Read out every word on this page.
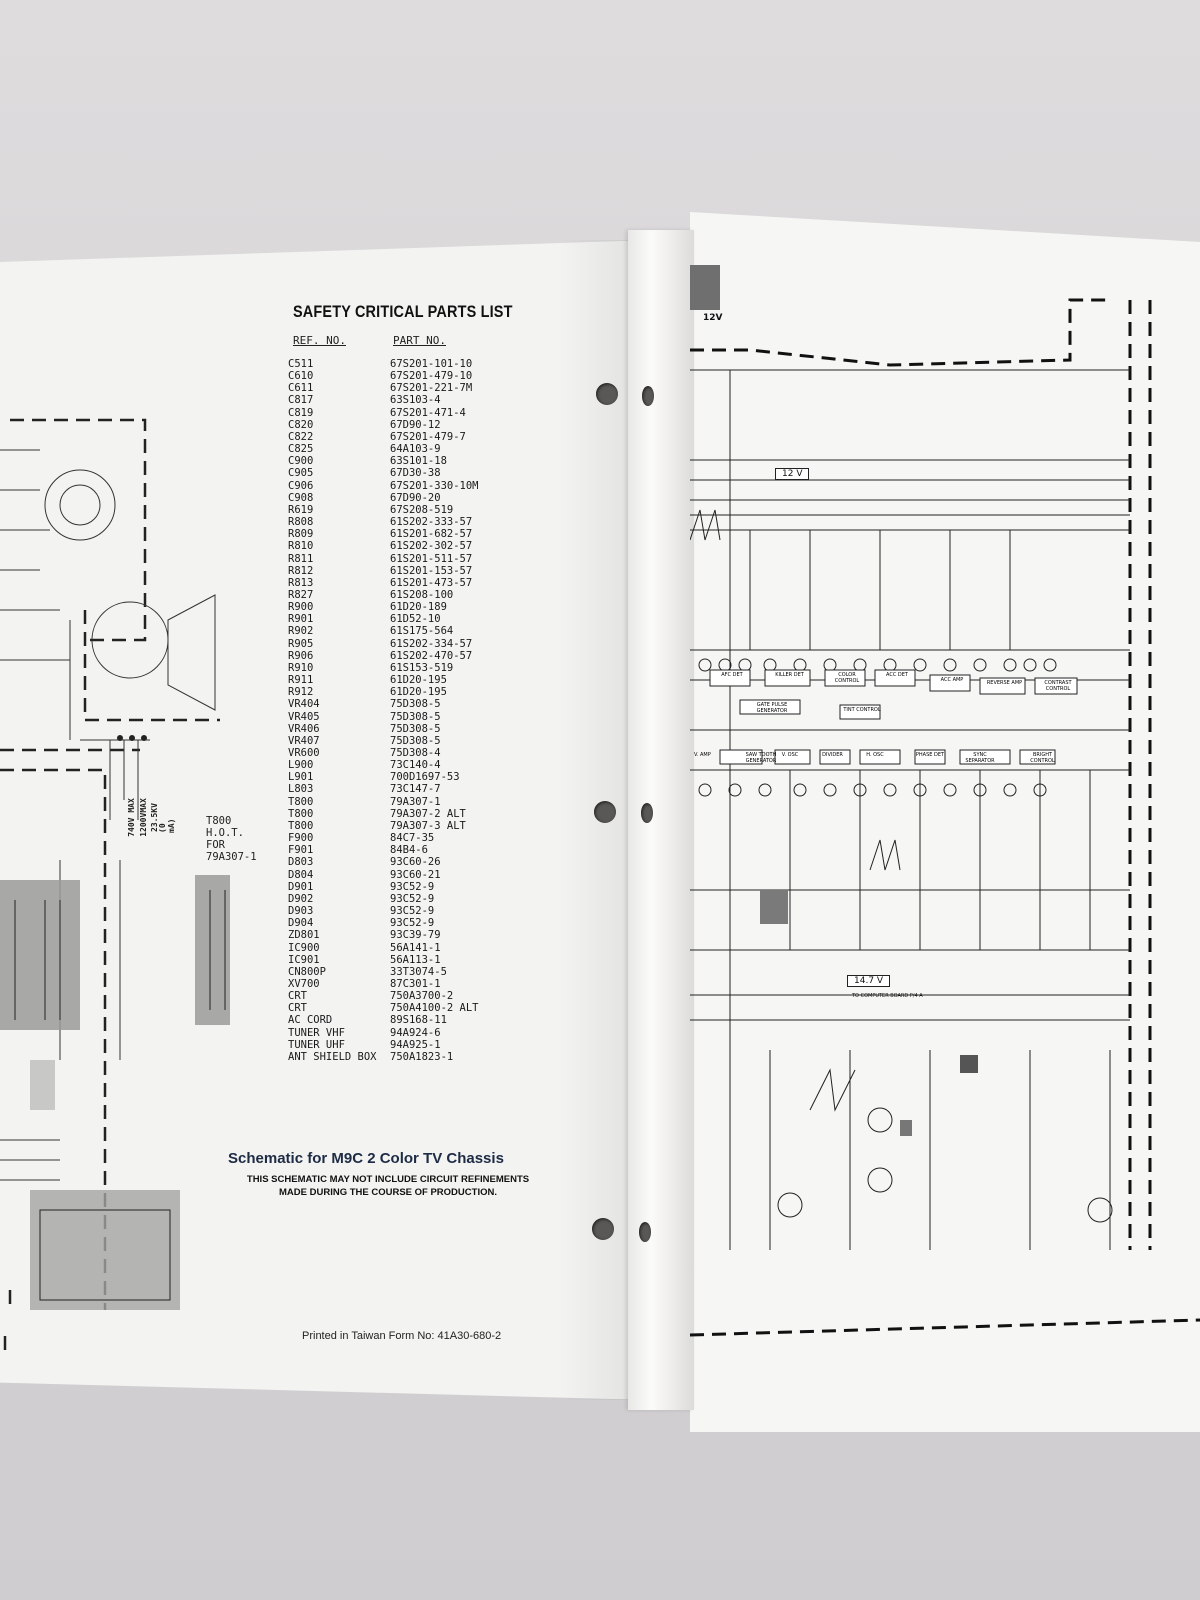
740V MAX 1200VMAX 23.5KV (0 mA)
SAFETY CRITICAL PARTS LIST
REF. NO.	PART NO.
C511	67S201-101-10
C610	67S201-479-10
C611	67S201-221-7M
C817	63S103-4
C819	67S201-471-4
C820	67D90-12
C822	67S201-479-7
C825	64A103-9
C900	63S101-18
C905	67D30-38
C906	67S201-330-10M
C908	67D90-20
R619	67S208-519
R808	61S202-333-57
R809	61S201-682-57
R810	61S202-302-57
R811	61S201-511-57
R812	61S201-153-57
R813	61S201-473-57
R827	61S208-100
R900	61D20-189
R901	61D52-10
R902	61S175-564
R905	61S202-334-57
R906	61S202-470-57
R910	61S153-519
R911	61D20-195
R912	61D20-195
VR404	75D308-5
VR405	75D308-5
VR406	75D308-5
VR407	75D308-5
VR600	75D308-4
L900	73C140-4
L901	700D1697-53
L803	73C147-7
T800	79A307-1
T800	79A307-2 ALT
T800	79A307-3 ALT
F900	84C7-35
F901	84B4-6
D803	93C60-26
D804	93C60-21
D901	93C52-9
D902	93C52-9
D903	93C52-9
D904	93C52-9
ZD801	93C39-79
IC900	56A141-1
IC901	56A113-1
CN800P	33T3074-5
XV700	87C301-1
CRT	750A3700-2
CRT	750A4100-2 ALT
AC CORD	89S168-11
TUNER VHF	94A924-6
TUNER UHF	94A925-1
ANT SHIELD BOX	750A1823-1
T800
H.O.T.
FOR
79A307-1
Schematic for M9C 2 Color TV Chassis
THIS SCHEMATIC MAY NOT INCLUDE CIRCUIT REFINEMENTS
MADE DURING THE COURSE OF PRODUCTION.
Printed in Taiwan Form No: 41A30-680-2
12V
12 V
14.7 V
TO COMPUTER BOARD P/4 A
AFC DET	KILLER DET	COLOR CONTROL
ACC DET
ACC AMP	REVERSE AMP	CONTRAST CONTROL
GATE PULSE GENERATOR	TINT CONTROL
V. AMP	SAW TOOTH GENERATOR
V. OSC	DIVIDER	H. OSC	PHASE DET	SYNC SEPARATOR
BRIGHT CONTROL
